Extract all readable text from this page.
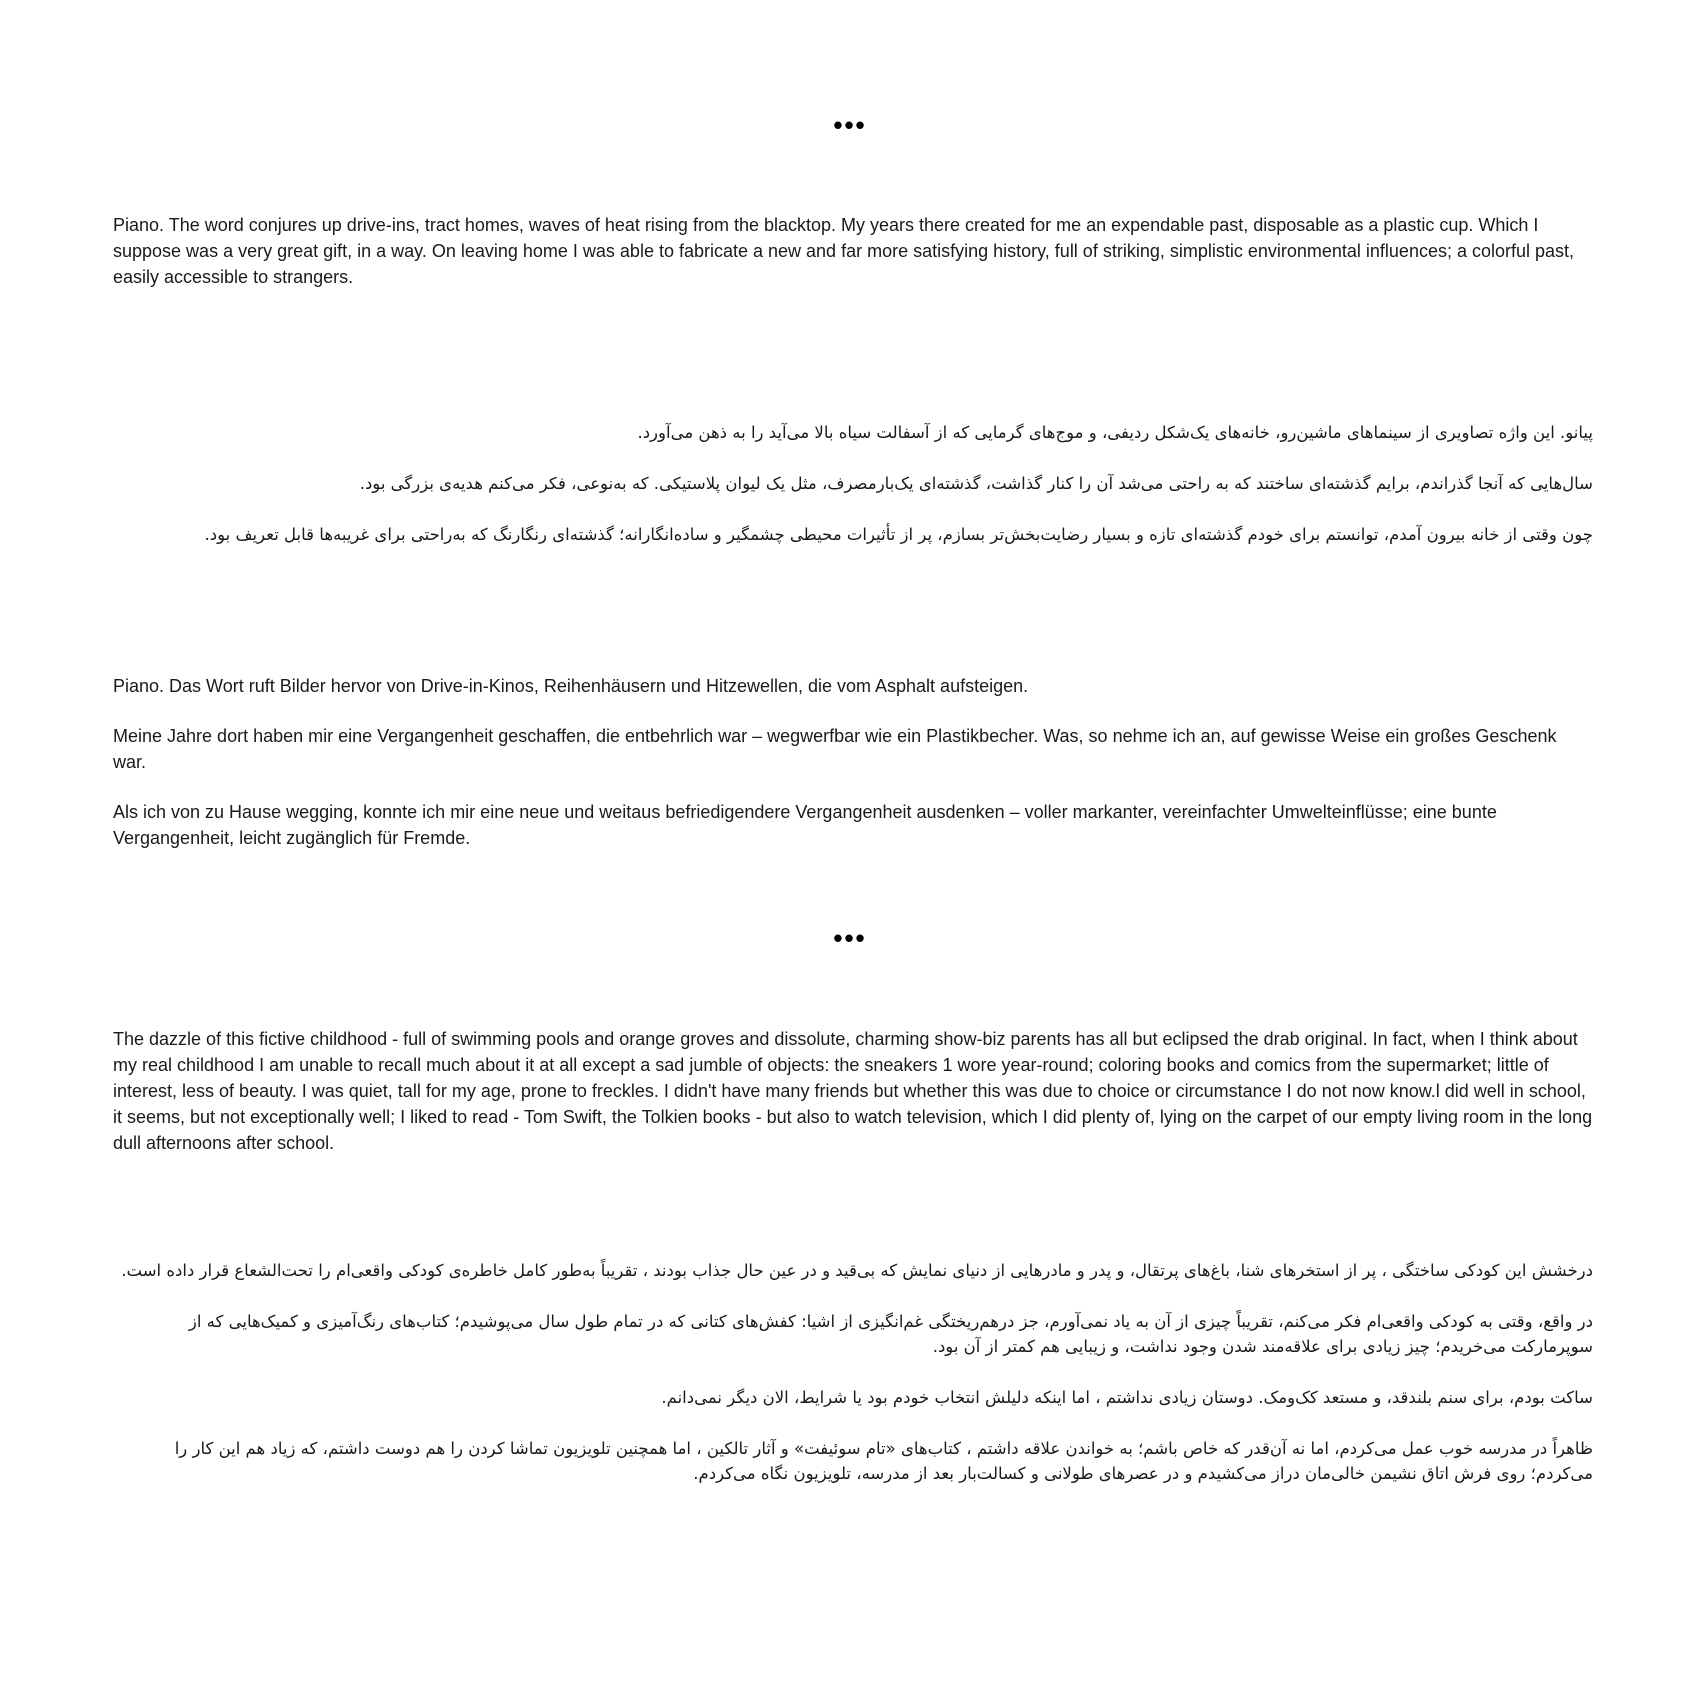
•••

Piano. The word conjures up drive-ins, tract homes, waves of heat rising from the blacktop. My years there created for me an expendable past, disposable as a plastic cup. Which I suppose was a very great gift, in a way. On leaving home I was able to fabricate a new and far more satisfying history, full of striking, simplistic environmental influences; a colorful past, easily accessible to strangers.

پیانو. این واژه تصاویری از سینماهای ماشین‌رو، خانه‌های یک‌شکل ردیفی، و موج‌های گرمایی که از آسفالت سیاه بالا می‌آید را به ذهن می‌آورد.

سال‌هایی که آنجا گذراندم، برایم گذشته‌ای ساختند که به راحتی می‌شد آن را کنار گذاشت، گذشته‌ای یک‌بارمصرف، مثل یک لیوان پلاستیکی. که به‌نوعی، فکر می‌کنم هدیه‌ی بزرگی بود.

چون وقتی از خانه بیرون آمدم، توانستم برای خودم گذشته‌ای تازه و بسیار رضایت‌بخش‌تر بسازم، پر از تأثیرات محیطی چشمگیر و ساده‌انگارانه؛ گذشته‌ای رنگارنگ که به‌راحتی برای غریبه‌ها قابل تعریف بود.

Piano. Das Wort ruft Bilder hervor von Drive-in-Kinos, Reihenhäusern und Hitzewellen, die vom Asphalt aufsteigen.

Meine Jahre dort haben mir eine Vergangenheit geschaffen, die entbehrlich war – wegwerfbar wie ein Plastikbecher. Was, so nehme ich an, auf gewisse Weise ein großes Geschenk war.

Als ich von zu Hause wegging, konnte ich mir eine neue und weitaus befriedigendere Vergangenheit ausdenken – voller markanter, vereinfachter Umwelteinflüsse; eine bunte Vergangenheit, leicht zugänglich für Fremde.

•••

The dazzle of this fictive childhood - full of swimming pools and orange groves and dissolute, charming show-biz parents has all but eclipsed the drab original. In fact, when I think about my real childhood I am unable to recall much about it at all except a sad jumble of objects: the sneakers 1 wore year-round; coloring books and comics from the supermarket; little of interest, less of beauty. I was quiet, tall for my age, prone to freckles. I didn't have many friends but whether this was due to choice or circumstance I do not now know.l did well in school, it seems, but not exceptionally well; I liked to read - Tom Swift, the Tolkien books - but also to watch television, which I did plenty of, lying on the carpet of our empty living room in the long dull afternoons after school.

درخشش این کودکی ساختگی ، پر از استخرهای شنا، باغ‌های پرتقال، و پدر و مادرهایی از دنیای نمایش که بی‌قید و در عین حال جذاب بودند ، تقریباً به‌طور کامل خاطره‌ی کودکی واقعی‌ام را تحت‌الشعاع قرار داده است.

در واقع، وقتی به کودکی واقعی‌ام فکر می‌کنم، تقریباً چیزی از آن به یاد نمی‌آورم، جز درهم‌ریختگی غم‌انگیزی از اشیا: کفش‌های کتانی که در تمام طول سال می‌پوشیدم؛ کتاب‌های رنگ‌آمیزی و کمیک‌هایی که از سوپرمارکت می‌خریدم؛ چیز زیادی برای علاقه‌مند شدن وجود نداشت، و زیبایی هم کمتر از آن بود.

ساکت بودم، برای سنم بلندقد، و مستعد کک‌ومک. دوستان زیادی نداشتم ، اما اینکه دلیلش انتخاب خودم بود یا شرایط، الان دیگر نمی‌دانم.

ظاهراً در مدرسه خوب عمل می‌کردم، اما نه آن‌قدر که خاص باشم؛ به خواندن علاقه داشتم ، کتاب‌های «تام سوئیفت» و آثار تالکین ، اما همچنین تلویزیون تماشا کردن را هم دوست داشتم، که زیاد هم این کار را می‌کردم؛ روی فرش اتاق نشیمن خالی‌مان دراز می‌کشیدم و در عصرهای طولانی و کسالت‌بار بعد از مدرسه، تلویزیون نگاه می‌کردم.
